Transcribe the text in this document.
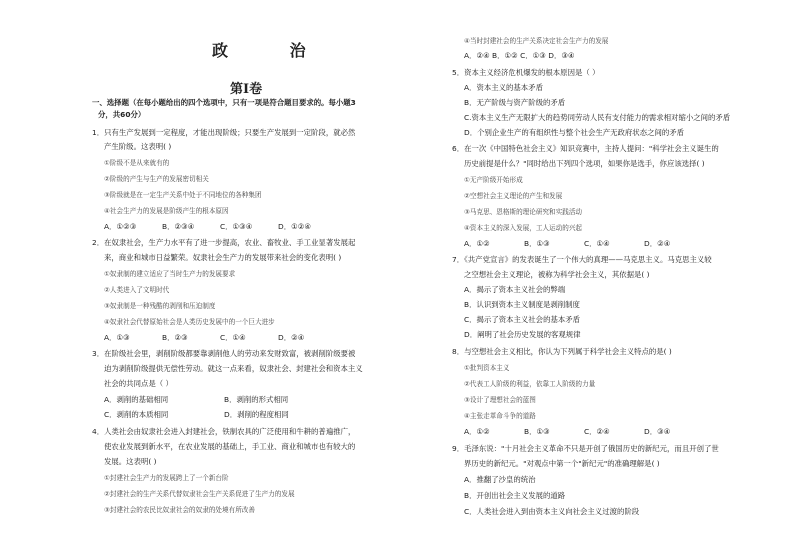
政 治
第Ⅰ卷
一、选择题（在每小题给出的四个选项中，只有一项是符合题目要求的。每小题3
分，共60分）
1．只有生产发展到一定程度，才能出现阶级；只要生产发展到一定阶段，就必然
产生阶级。这表明( )
①阶级不是从来就有的
②阶级的产生与生产的发展密切相关
③阶级就是在一定生产关系中处于不同地位的各种集团
④社会生产力的发展是阶级产生的根本原因
A．①②③	B．②③④	C．①③④	D．①②④
2．在奴隶社会，生产力水平有了进一步提高，农业、畜牧业、手工业显著发展起
来，商业和城市日益繁荣。奴隶社会生产力的发展带来社会的变化表明( )
①奴隶制的建立适应了当时生产力的发展要求
②人类进入了文明时代
③奴隶制是一种残酷的剥削和压迫制度
④奴隶社会代替原始社会是人类历史发展中的一个巨大进步
A．①③	B．②③	C．①④	D．②④
3．在阶级社会里，剥削阶级都要靠剥削他人的劳动来发财致富，被剥削阶级要被
迫为剥削阶级提供无偿性劳动。就这一点来看，奴隶社会、封建社会和资本主义
社会的共同点是（ ）
A．剥削的基础相同	B．剥削的形式相同
C．剥削的本质相同	D．剥削的程度相同
4．人类社会由奴隶社会进入封建社会，铁制农具的广泛使用和牛耕的普遍推广，
使农业发展到新水平，在农业发展的基础上，手工业、商业和城市也有较大的
发展。这表明( )
①封建社会生产力的发展跨上了一个新台阶
②封建社会的生产关系代替奴隶社会生产关系促进了生产力的发展
③封建社会的农民比奴隶社会的奴隶的处境有所改善
④当时封建社会的生产关系决定社会生产力的发展
A．②④ B．①② C．①③ D．③④
5．资本主义经济危机爆发的根本原因是（ ）
A．资本主义的基本矛盾
B．无产阶级与资产阶级的矛盾
C.资本主义生产无限扩大的趋势同劳动人民有支付能力的需求相对缩小之间的矛盾
D．个别企业生产的有组织性与整个社会生产无政府状态之间的矛盾
6．在一次《中国特色社会主义》知识竞赛中，主持人提问："科学社会主义诞生的
历史前提是什么？"同时给出下列四个选项，如果你是选手，你应该选择( )
①无产阶级开始形成
②空想社会主义理论的产生和发展
③马克思、恩格斯的理论研究和实践活动
④资本主义的深入发展，工人运动的兴起
A．①②	B．①③	C．①④	D．②④
7．《共产党宣言》的发表诞生了一个伟大的真理——马克思主义。马克思主义较
之空想社会主义理论，被称为科学社会主义，其依据是( )
A．揭示了资本主义社会的弊端
B．认识到资本主义制度是剥削制度
C．揭示了资本主义社会的基本矛盾
D．阐明了社会历史发展的客观规律
8．与空想社会主义相比，你认为下列属于科学社会主义特点的是( )
①批判资本主义
②代表工人阶级的利益，依靠工人阶级的力量
③设计了理想社会的蓝图
④主张走革命斗争的道路
A．①②	B．①③	C．②④	D．③④
9．毛泽东说："十月社会主义革命不只是开创了俄国历史的新纪元，而且开创了世
界历史的新纪元。"对观点中第一个"新纪元"的准确理解是( )
A．推翻了沙皇的统治
B．开创出社会主义发展的道路
C．人类社会进入到由资本主义向社会主义过渡的阶段
